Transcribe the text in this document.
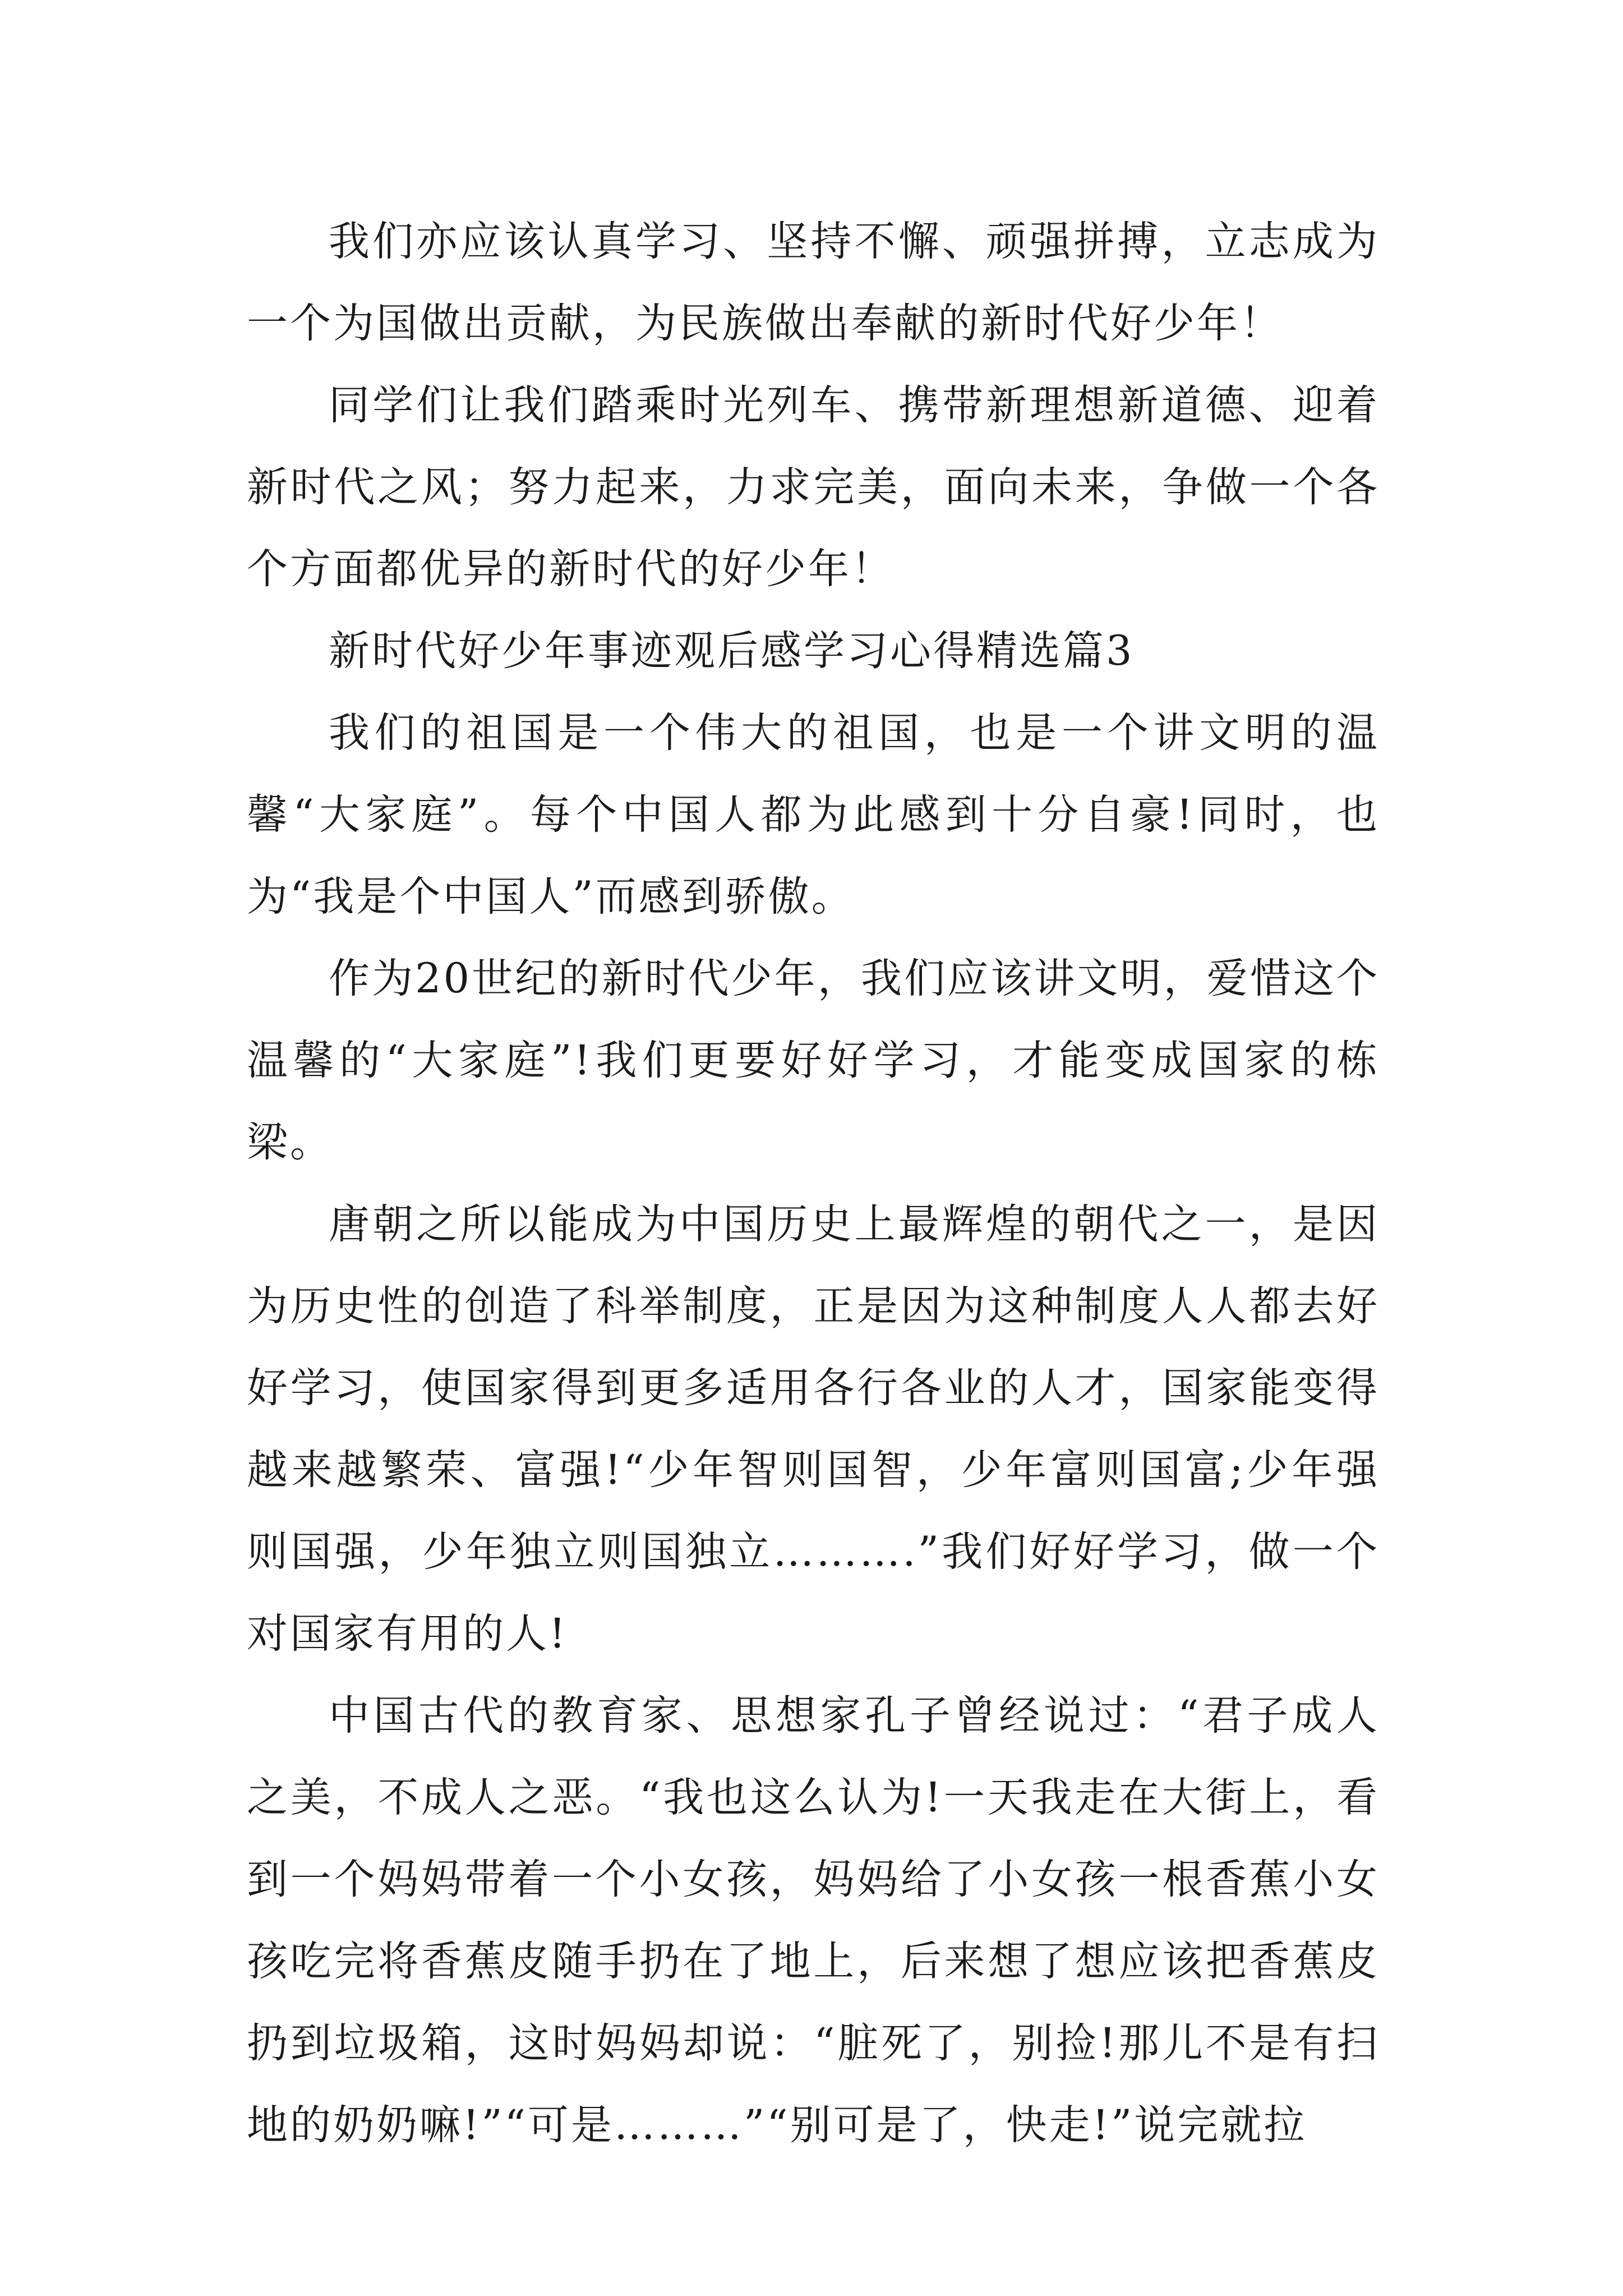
我们亦应该认真学习、坚持不懈、顽强拼搏，立志成为一个为国做出贡献，为民族做出奉献的新时代好少年！

同学们让我们踏乘时光列车、携带新理想新道德、迎着新时代之风；努力起来，力求完美，面向未来，争做一个各个方面都优异的新时代的好少年！

新时代好少年事迹观后感学习心得精选篇3

我们的祖国是一个伟大的祖国，也是一个讲文明的温馨“大家庭”。每个中国人都为此感到十分自豪!同时，也为“我是个中国人”而感到骄傲。

作为20世纪的新时代少年，我们应该讲文明，爱惜这个温馨的“大家庭”!我们更要好好学习，才能变成国家的栋梁。

唐朝之所以能成为中国历史上最辉煌的朝代之一，是因为历史性的创造了科举制度，正是因为这种制度人人都去好好学习，使国家得到更多适用各行各业的人才，国家能变得越来越繁荣、富强!“少年智则国智，少年富则国富;少年强则国强，少年独立则国独立……….”我们好好学习，做一个对国家有用的人!

中国古代的教育家、思想家孔子曾经说过：“君子成人之美，不成人之恶。“我也这么认为!一天我走在大街上，看到一个妈妈带着一个小女孩，妈妈给了小女孩一根香蕉小女孩吃完将香蕉皮随手扔在了地上，后来想了想应该把香蕉皮扔到垃圾箱，这时妈妈却说：“脏死了，别捡!那儿不是有扫地的奶奶嘛!”“可是………”“别可是了，快走!”说完就拉
